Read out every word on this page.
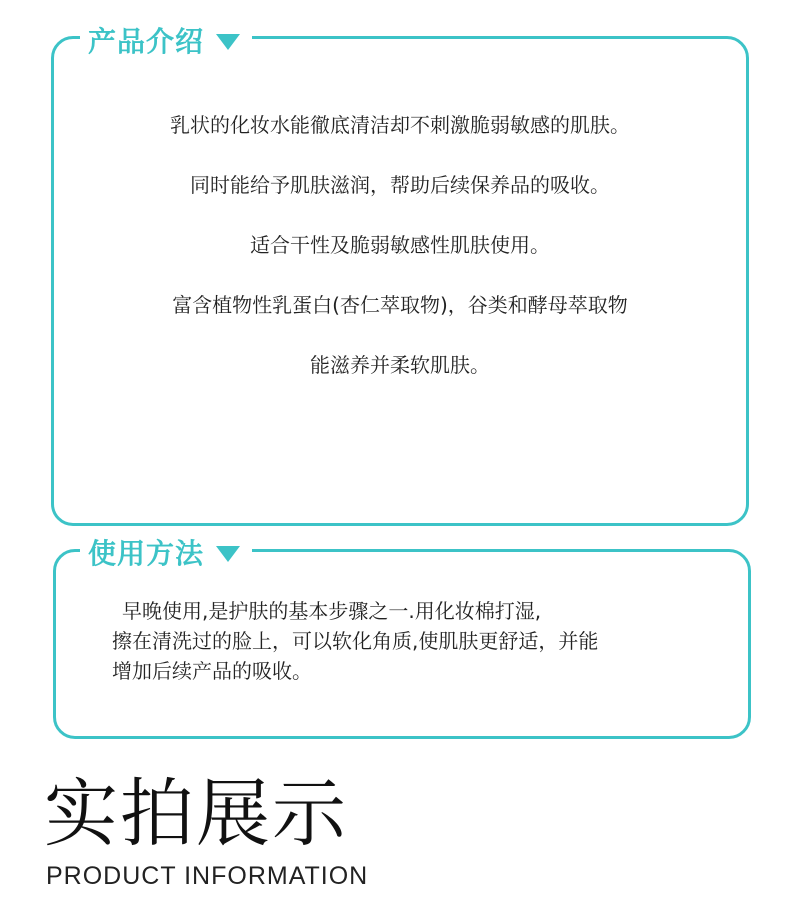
产品介绍
乳状的化妆水能徹底清洁却不刺激脆弱敏感的肌肤。
同时能给予肌肤滋润，帮助后续保养品的吸收。
适合干性及脆弱敏感性肌肤使用。
富含植物性乳蛋白(杏仁萃取物)，谷类和酵母萃取物
能滋养并柔软肌肤。
使用方法
早晚使用,是护肤的基本步骤之一.用化妆棉打湿,
擦在清洗过的脸上，可以软化角质,使肌肤更舒适，并能
增加后续产品的吸收。
实拍展示
PRODUCT INFORMATION
